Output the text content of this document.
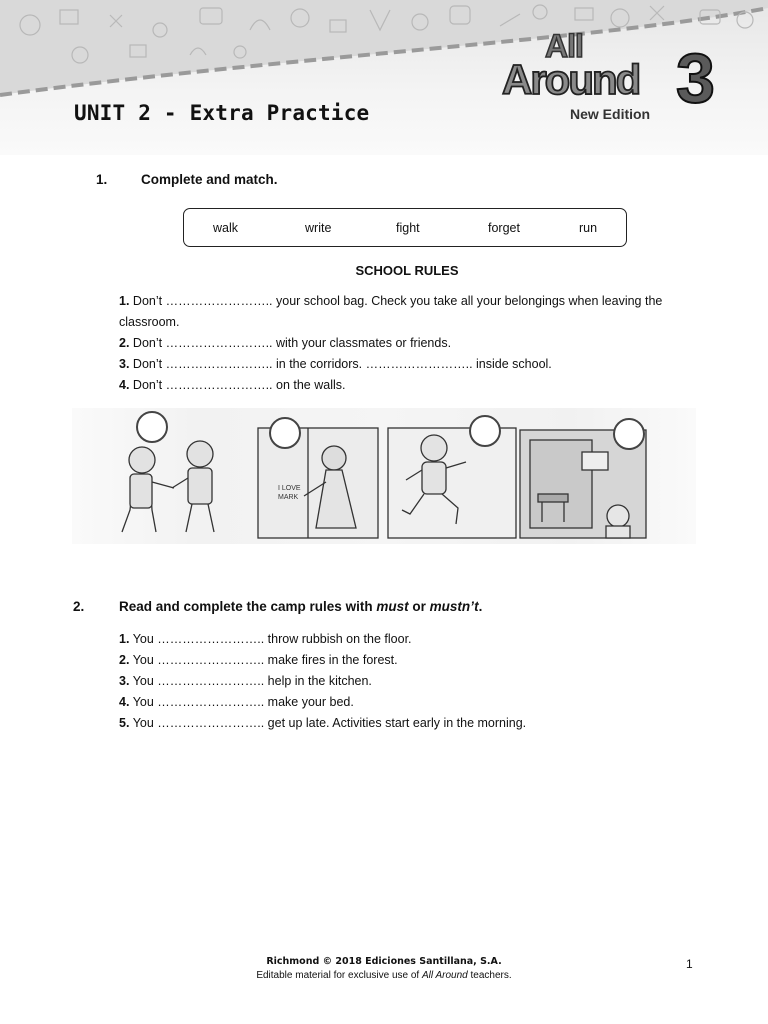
UNIT 2 - Extra Practice
All
Around 3
New Edition
1. Complete and match.
walk	write	fight	forget	run
SCHOOL RULES
1. Don’t …………………….. your school bag. Check you take all your belongings when leaving the
classroom.
2. Don’t …………………….. with your classmates or friends.
3. Don’t …………………….. in the corridors. …………………….. inside school.
4. Don’t …………………….. on the walls.
I LOVE
MARK
2.	Read and complete the camp rules with must or mustn’t.
1. You …………………….. throw rubbish on the floor.
2. You …………………….. make fires in the forest.
3. You …………………….. help in the kitchen.
4. You …………………….. make your bed.
5. You …………………….. get up late. Activities start early in the morning.
Richmond © 2018 Ediciones Santillana, S.A.
Editable material for exclusive use of All Around teachers.
1
